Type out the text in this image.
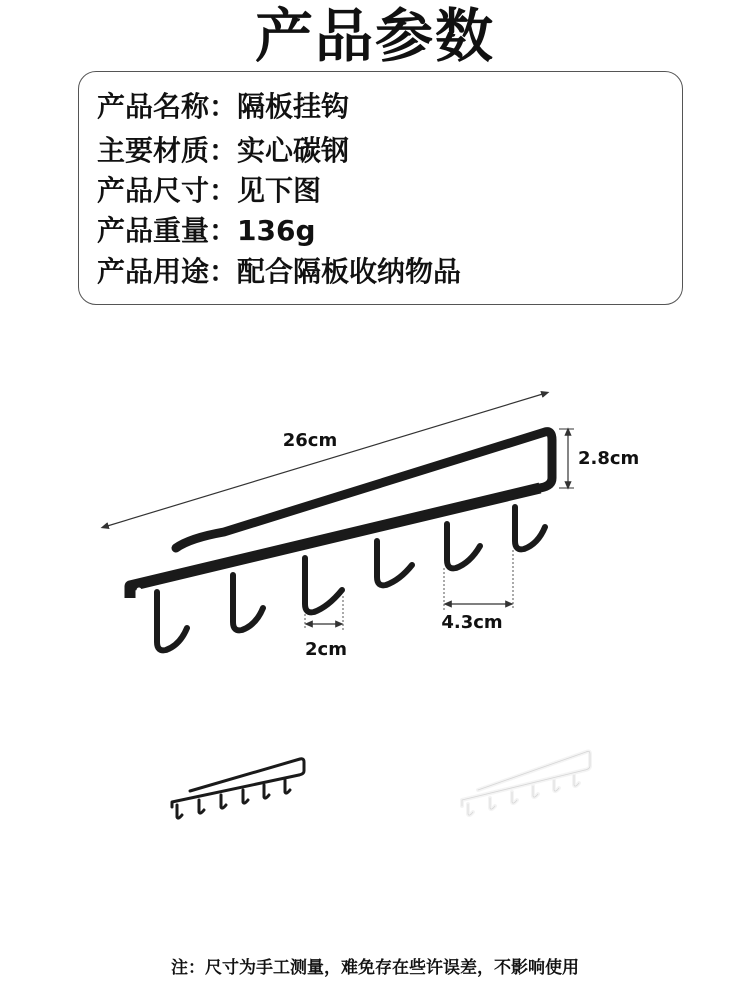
产品参数
产品名称：隔板挂钩
主要材质：实心碳钢
产品尺寸：见下图
产品重量：136g
产品用途：配合隔板收纳物品
26cm
2.8cm
2cm
4.3cm
注：尺寸为手工测量，难免存在些许误差，不影响使用
